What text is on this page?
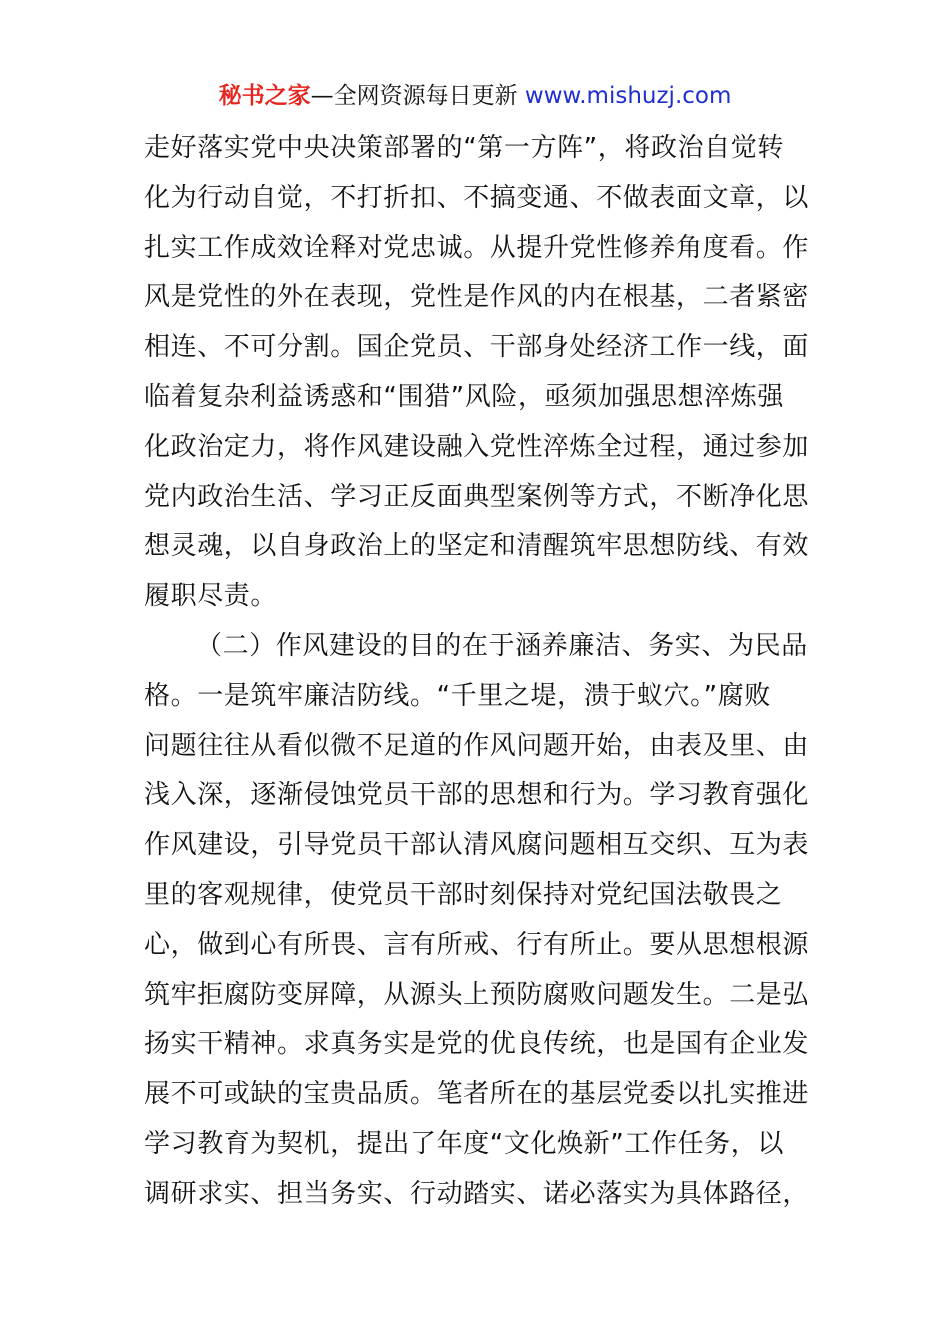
秘书之家—全网资源每日更新 www.mishuzj.com
走好落实党中央决策部署的“第一方阵”，将政治自觉转
化为行动自觉，不打折扣、不搞变通、不做表面文章，以
扎实工作成效诠释对党忠诚。从提升党性修养角度看。作
风是党性的外在表现，党性是作风的内在根基，二者紧密
相连、不可分割。国企党员、干部身处经济工作一线，面
临着复杂利益诱惑和“围猎”风险，亟须加强思想淬炼强
化政治定力，将作风建设融入党性淬炼全过程，通过参加
党内政治生活、学习正反面典型案例等方式，不断净化思
想灵魂，以自身政治上的坚定和清醒筑牢思想防线、有效
履职尽责。
（二）作风建设的目的在于涵养廉洁、务实、为民品
格。一是筑牢廉洁防线。“千里之堤，溃于蚁穴。”腐败
问题往往从看似微不足道的作风问题开始，由表及里、由
浅入深，逐渐侵蚀党员干部的思想和行为。学习教育强化
作风建设，引导党员干部认清风腐问题相互交织、互为表
里的客观规律，使党员干部时刻保持对党纪国法敬畏之
心，做到心有所畏、言有所戒、行有所止。要从思想根源
筑牢拒腐防变屏障，从源头上预防腐败问题发生。二是弘
扬实干精神。求真务实是党的优良传统，也是国有企业发
展不可或缺的宝贵品质。笔者所在的基层党委以扎实推进
学习教育为契机，提出了年度“文化焕新”工作任务，以
调研求实、担当务实、行动踏实、诺必落实为具体路径，
